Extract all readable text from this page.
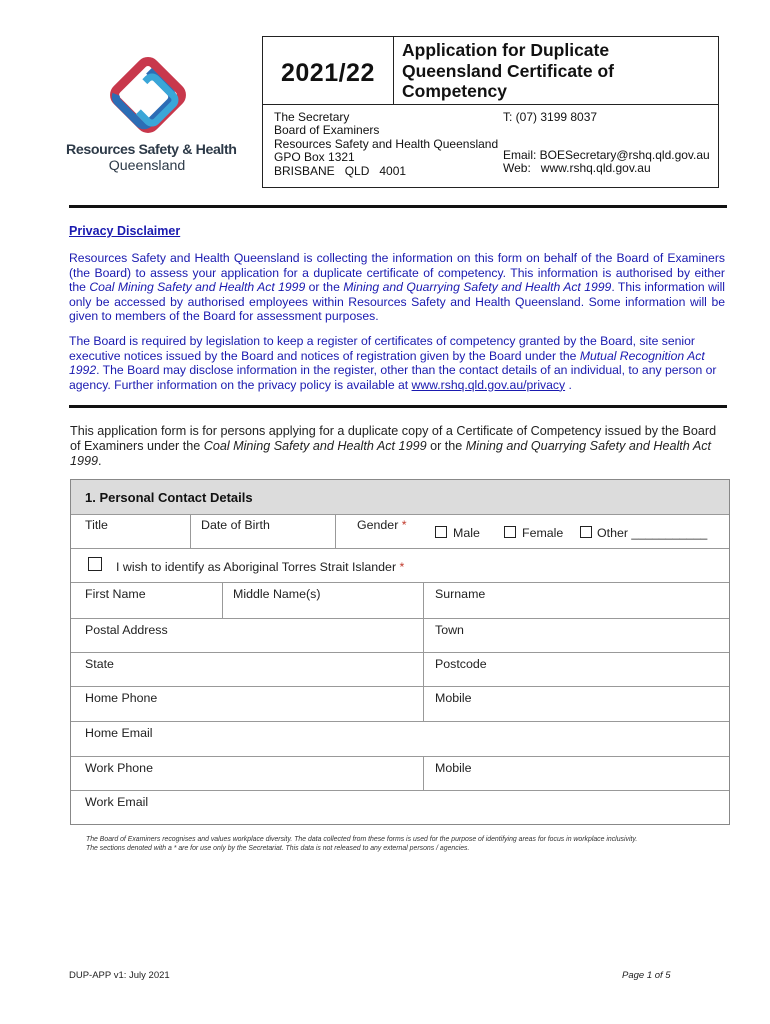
Resources Safety & Health
Queensland
2021/22
Application for Duplicate
Queensland Certificate of
Competency
The Secretary
Board of Examiners
Resources Safety and Health Queensland
GPO Box 1321
BRISBANE   QLD   4001
T: (07) 3199 8037
Email: BOESecretary@rshq.qld.gov.au
Web:   www.rshq.qld.gov.au
Privacy Disclaimer
Resources Safety and Health Queensland is collecting the information on this form on behalf of the Board of Examiners (the Board) to assess your application for a duplicate certificate of competency. This information is authorised by either the Coal Mining Safety and Health Act 1999 or the Mining and Quarrying Safety and Health Act 1999. This information will only be accessed by authorised employees within Resources Safety and Health Queensland. Some information will be given to members of the Board for assessment purposes.
The Board is required by legislation to keep a register of certificates of competency granted by the Board, site senior executive notices issued by the Board and notices of registration given by the Board under the Mutual Recognition Act 1992. The Board may disclose information in the register, other than the contact details of an individual, to any person or agency. Further information on the privacy policy is available at www.rshq.qld.gov.au/privacy .
This application form is for persons applying for a duplicate copy of a Certificate of Competency issued by the Board of Examiners under the Coal Mining Safety and Health Act 1999 or the Mining and Quarrying Safety and Health Act 1999.
1. Personal Contact Details
Title	Date of Birth	Gender *
Male	Female	Other ___________
I wish to identify as Aboriginal Torres Strait Islander *
First Name	Middle Name(s)	Surname
Postal Address	Town
State	Postcode
Home Phone	Mobile
Home Email
Work Phone	Mobile
Work Email
The Board of Examiners recognises and values workplace diversity. The data collected from these forms is used for the purpose of identifying areas for focus in workplace inclusivity.
The sections denoted with a * are for use only by the Secretariat. This data is not released to any external persons / agencies.
DUP-APP v1: July 2021	Page 1 of 5
